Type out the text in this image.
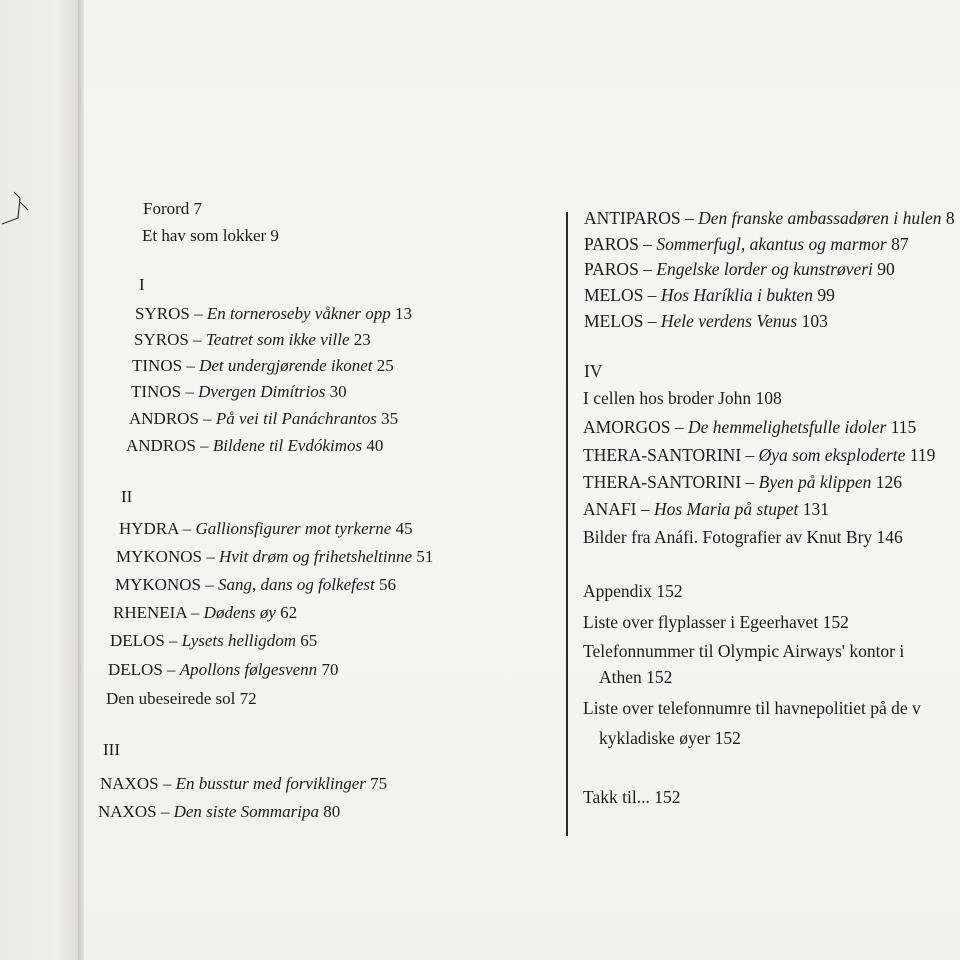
Forord 7
Et hav som lokker 9
I
SYROS – En torneroseby våkner opp 13
SYROS – Teatret som ikke ville 23
TINOS – Det undergjørende ikonet 25
TINOS – Dvergen Dimítrios 30
ANDROS – På vei til Panáchrantos 35
ANDROS – Bildene til Evdókimos 40
II
HYDRA – Gallionsfigurer mot tyrkerne 45
MYKONOS – Hvit drøm og frihetsheltinne 51
MYKONOS – Sang, dans og folkefest 56
RHENEIA – Dødens øy 62
DELOS – Lysets helligdom 65
DELOS – Apollons følgesvenn 70
Den ubeseirede sol 72
III
NAXOS – En busstur med forviklinger 75
NAXOS – Den siste Sommaripa 80
ANTIPAROS – Den franske ambassadøren i hulen 8
PAROS – Sommerfugl, akantus og marmor 87
PAROS – Engelske lorder og kunstrøveri 90
MELOS – Hos Haríklia i bukten 99
MELOS – Hele verdens Venus 103
IV
I cellen hos broder John 108
AMORGOS – De hemmelighetsfulle idoler 115
THERA-SANTORINI – Øya som eksploderte 119
THERA-SANTORINI – Byen på klippen 126
ANAFI – Hos Maria på stupet 131
Bilder fra Anáfi. Fotografier av Knut Bry 146
Appendix 152
Liste over flyplasser i Egeerhavet 152
Telefonnummer til Olympic Airways' kontor i
Athen 152
Liste over telefonnumre til havnepolitiet på de v
kykladiske øyer 152
Takk til... 152
